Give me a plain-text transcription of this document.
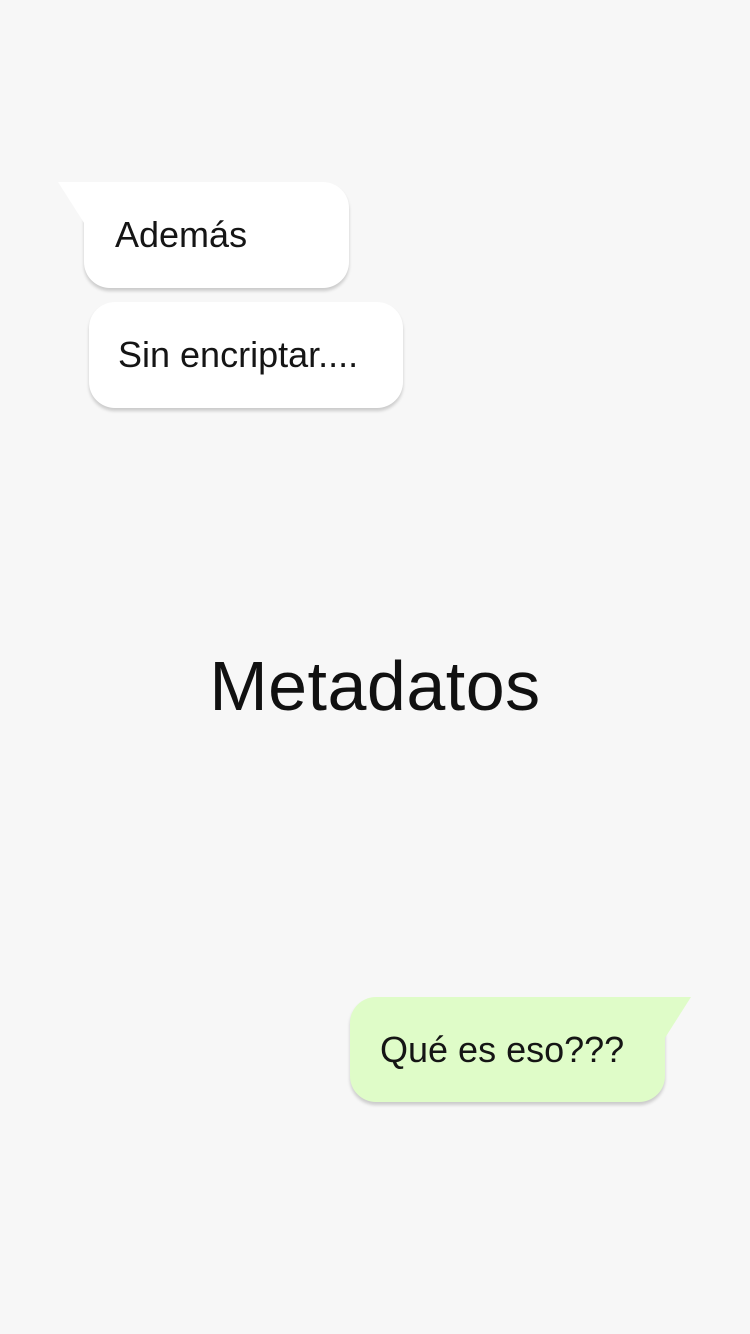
Además
Sin encriptar....
Metadatos
Qué es eso???
